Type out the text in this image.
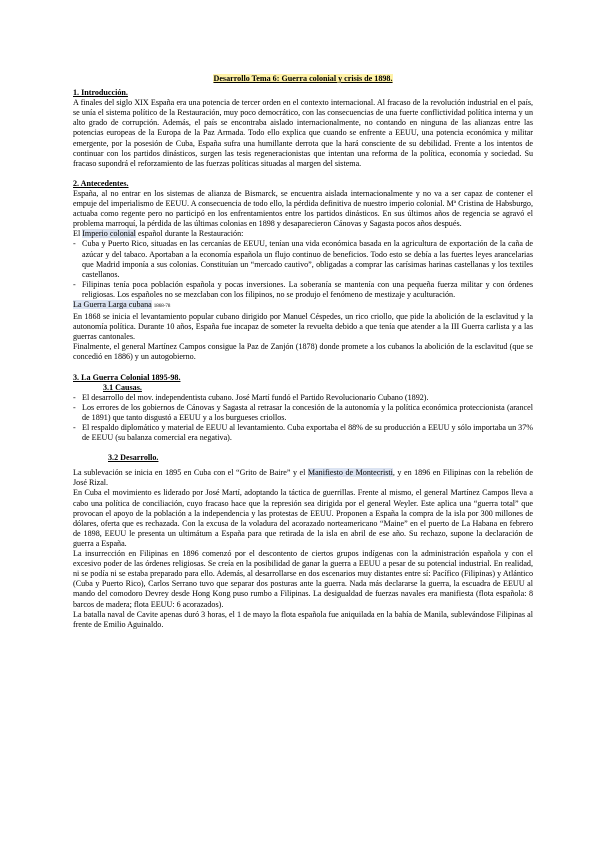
Desarrollo Tema 6: Guerra colonial y crisis de 1898.
1. Introducción.

A finales del siglo XIX España era una potencia de tercer orden en el contexto internacional. Al fracaso de la revolución industrial en el país, se unía el sistema político de la Restauración, muy poco democrático, con las consecuencias de una fuerte conflictividad política interna y un alto grado de corrupción. Además, el país se encontraba aislado internacionalmente, no contando en ninguna de las alianzas entre las potencias europeas de la Europa de la Paz Armada. Todo ello explica que cuando se enfrente a EEUU, una potencia económica y militar emergente, por la posesión de Cuba, España sufra una humillante derrota que la hará consciente de su debilidad. Frente a los intentos de continuar con los partidos dinásticos, surgen las tesis regeneracionistas que intentan una reforma de la política, economía y sociedad. Su fracaso supondrá el reforzamiento de las fuerzas políticas situadas al margen del sistema.

2. Antecedentes.

España, al no entrar en los sistemas de alianza de Bismarck, se encuentra aislada internacionalmente y no va a ser capaz de contener el empuje del imperialismo de EEUU. A consecuencia de todo ello, la pérdida definitiva de nuestro imperio colonial. Mª Cristina de Habsburgo, actuaba como regente pero no participó en los enfrentamientos entre los partidos dinásticos. En sus últimos años de regencia se agravó el problema marroquí, la pérdida de las últimas colonias en 1898 y desaparecieron Cánovas y Sagasta pocos años después.

El Imperio colonial español durante la Restauración:

- Cuba y Puerto Rico, situadas en las cercanías de EEUU, tenían una vida económica basada en la agricultura de exportación de la caña de azúcar y del tabaco. Aportaban a la economía española un flujo continuo de beneficios. Todo esto se debía a las fuertes leyes arancelarias que Madrid imponía a sus colonias. Constituían un “mercado cautivo”, obligadas a comprar las carísimas harinas castellanas y los textiles castellanos.
- Filipinas tenía poca población española y pocas inversiones. La soberanía se mantenía con una pequeña fuerza militar y con órdenes religiosas. Los españoles no se mezclaban con los filipinos, no se produjo el fenómeno de mestizaje y aculturación.

La Guerra Larga cubana 1868-78

En 1868 se inicia el levantamiento popular cubano dirigido por Manuel Céspedes, un rico criollo, que pide la abolición de la esclavitud y la autonomía política. Durante 10 años, España fue incapaz de someter la revuelta debido a que tenía que atender a la III Guerra carlista y a las guerras cantonales.

Finalmente, el general Martínez Campos consigue la Paz de Zanjón (1878) donde promete a los cubanos la abolición de la esclavitud (que se concedió en 1886) y un autogobierno.

3. La Guerra Colonial 1895-98.
3.1 Causas.
- El desarrollo del mov. independentista cubano. José Martí fundó el Partido Revolucionario Cubano (1892).
- Los errores de los gobiernos de Cánovas y Sagasta al retrasar la concesión de la autonomía y la política económica proteccionista (arancel de 1891) que tanto disgustó a EEUU y a los burgueses criollos.
- El respaldo diplomático y material de EEUU al levantamiento. Cuba exportaba el 88% de su producción a EEUU y sólo importaba un 37% de EEUU (su balanza comercial era negativa).
3.2 Desarrollo.

La sublevación se inicia en 1895 en Cuba con el “Grito de Baire” y el Manifiesto de Montecristi, y en 1896 en Filipinas con la rebelión de José Rizal.

En Cuba el movimiento es liderado por José Martí, adoptando la táctica de guerrillas. Frente al mismo, el general Martínez Campos lleva a cabo una política de conciliación, cuyo fracaso hace que la represión sea dirigida por el general Weyler. Este aplica una “guerra total” que provocan el apoyo de la población a la independencia y las protestas de EEUU. Proponen a España la compra de la isla por 300 millones de dólares, oferta que es rechazada. Con la excusa de la voladura del acorazado norteamericano “Maine” en el puerto de La Habana en febrero de 1898, EEUU le presenta un ultimátum a España para que retirada de la isla en abril de ese año. Su rechazo, supone la declaración de guerra a España.

La insurrección en Filipinas en 1896 comenzó por el descontento de ciertos grupos indígenas con la administración española y con el excesivo poder de las órdenes religiosas. Se creía en la posibilidad de ganar la guerra a EEUU a pesar de su potencial industrial. En realidad, ni se podía ni se estaba preparado para ello. Además, al desarrollarse en dos escenarios muy distantes entre sí: Pacífico (Filipinas) y Atlántico (Cuba y Puerto Rico), Carlos Serrano tuvo que separar dos posturas ante la guerra. Nada más declararse la guerra, la escuadra de EEUU al mando del comodoro Devrey desde Hong Kong puso rumbo a Filipinas. La desigualdad de fuerzas navales era manifiesta (flota española: 8 barcos de madera; flota EEUU: 6 acorazados).

La batalla naval de Cavite apenas duró 3 horas, el 1 de mayo la flota española fue aniquilada en la bahía de Manila, sublevándose Filipinas al frente de Emilio Aguinaldo.
